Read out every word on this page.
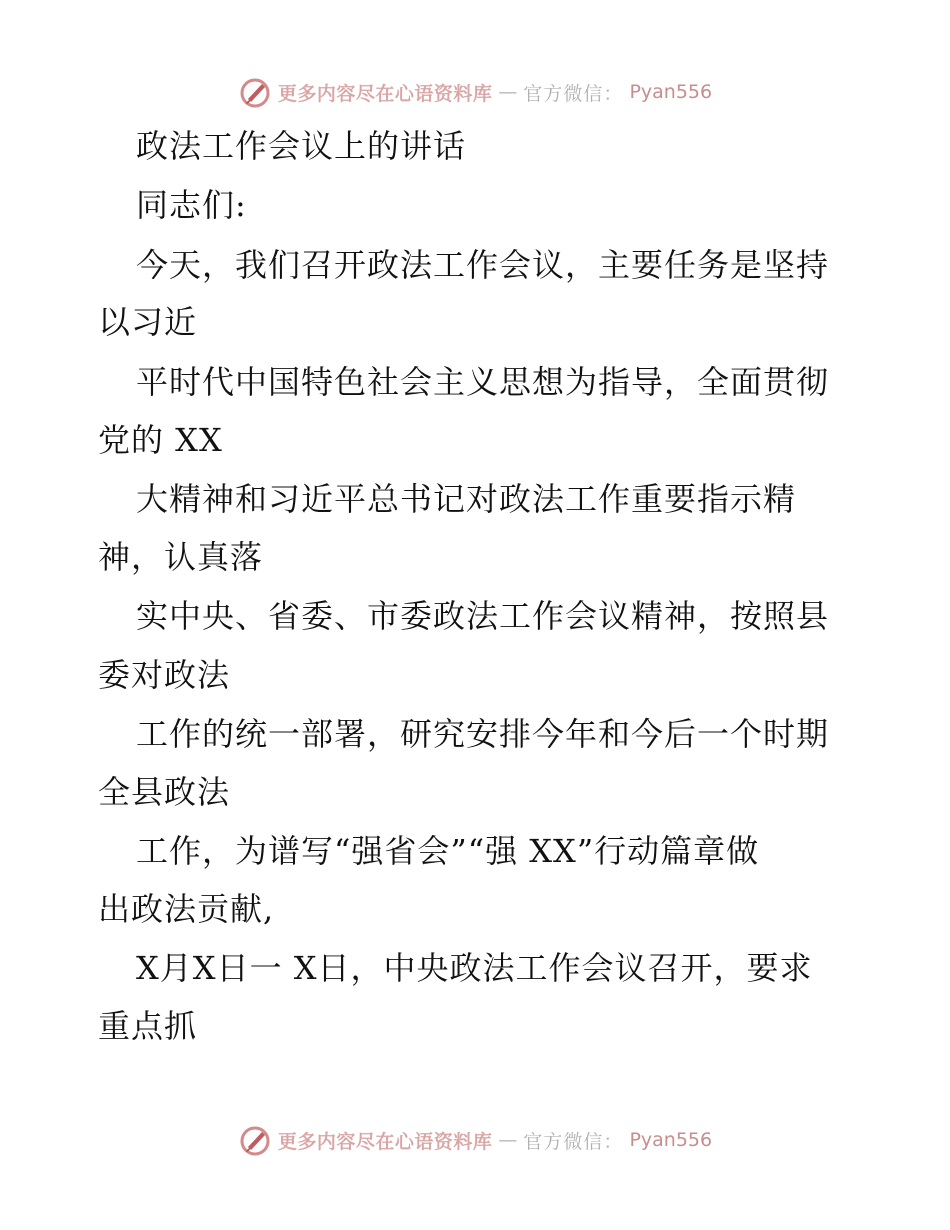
更多内容尽在心语资料库 — 官方微信： Pyan556
政法工作会议上的讲话
同志们:
今天，我们召开政法工作会议，主要任务是坚持
以习近
平时代中国特色社会主义思想为指导，全面贯彻
党的 XX
大精神和习近平总书记对政法工作重要指示精
神，认真落
实中央、省委、市委政法工作会议精神，按照县
委对政法
工作的统一部署，研究安排今年和今后一个时期
全县政法
工作，为谱写“强省会”“强 XX”行动篇章做
出政法贡献,
X月X日一 X日，中央政法工作会议召开，要求
重点抓
更多内容尽在心语资料库 — 官方微信： Pyan556
